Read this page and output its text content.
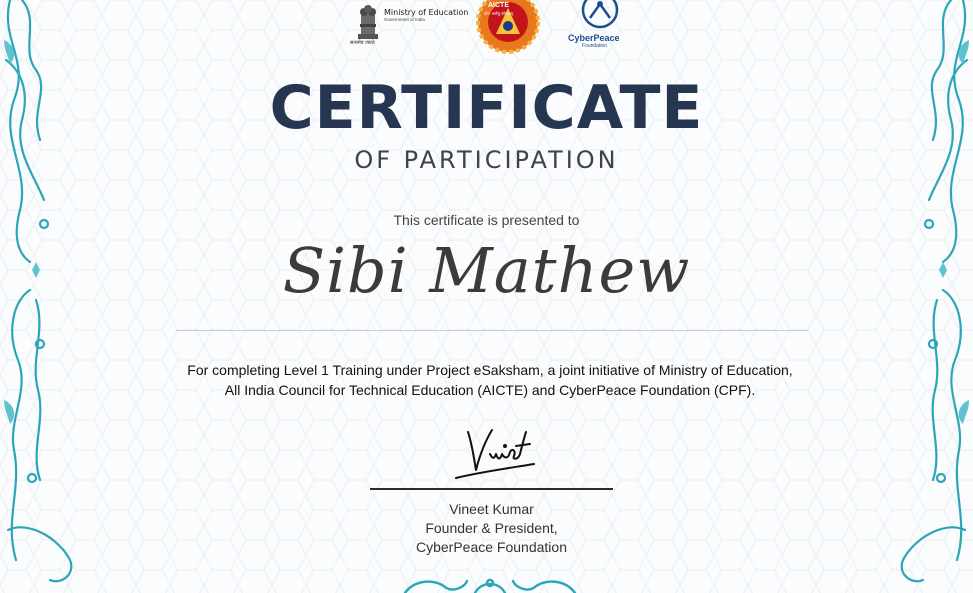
सत्यमेव जयते
Ministry of Education
Government of India
AICTE
योग: कर्मसु कौशलम्
CyberPeace
Foundation
CERTIFICATE
OF PARTICIPATION
This certificate is presented to
Sibi Mathew
For completing Level 1 Training under Project eSaksham, a joint initiative of Ministry of Education,
All India Council for Technical Education (AICTE) and CyberPeace Foundation (CPF).
Vineet Kumar
Founder & President,
CyberPeace Foundation
